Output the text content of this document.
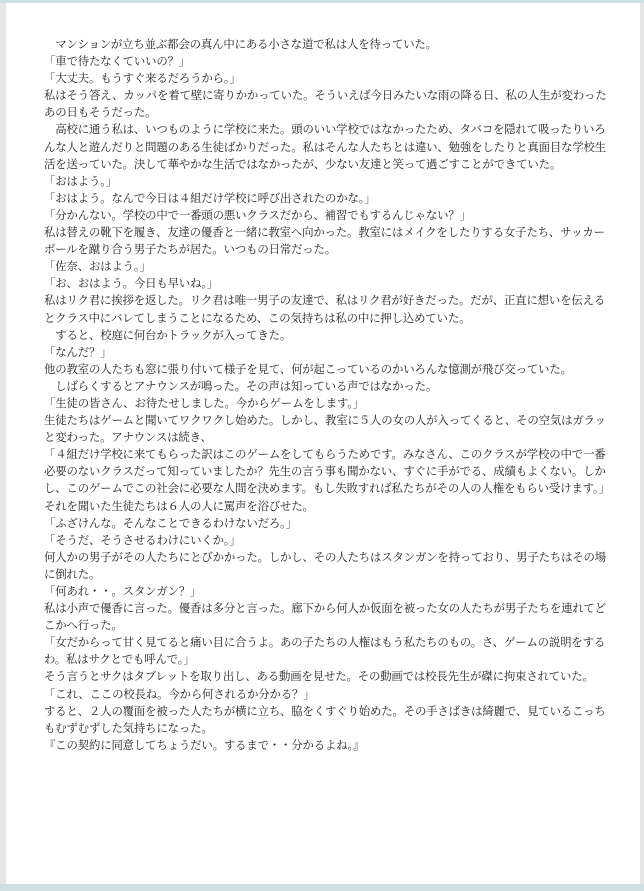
　マンションが立ち並ぶ都会の真ん中にある小さな道で私は人を待っていた。
「車で待たなくていいの？」
「大丈夫。もうすぐ来るだろうから。」
私はそう答え、カッパを着て壁に寄りかかっていた。そういえば今日みたいな雨の降る日、私の人生が変わった
あの日もそうだった。
　高校に通う私は、いつものように学校に来た。頭のいい学校ではなかったため、タバコを隠れて吸ったりいろ
んな人と遊んだりと問題のある生徒ばかりだった。私はそんな人たちとは違い、勉強をしたりと真面目な学校生
活を送っていた。決して華やかな生活ではなかったが、少ない友達と笑って過ごすことができていた。
「おはよう。」
「おはよう。なんで今日は４組だけ学校に呼び出されたのかな。」
「分かんない。学校の中で一番頭の悪いクラスだから、補習でもするんじゃない？」
私は替えの靴下を履き、友達の優香と一緒に教室へ向かった。教室にはメイクをしたりする女子たち、サッカー
ボールを蹴り合う男子たちが居た。いつもの日常だった。
「佐奈、おはよう。」
「お、おはよう。今日も早いね。」
私はリク君に挨拶を返した。リク君は唯一男子の友達で、私はリク君が好きだった。だが、正直に想いを伝える
とクラス中にバレてしまうことになるため、この気持ちは私の中に押し込めていた。
　すると、校庭に何台かトラックが入ってきた。
「なんだ？」
他の教室の人たちも窓に張り付いて様子を見て、何が起こっているのかいろんな憶測が飛び交っていた。
　しばらくするとアナウンスが鳴った。その声は知っている声ではなかった。
「生徒の皆さん、お待たせしました。今からゲームをします。」
生徒たちはゲームと聞いてワクワクし始めた。しかし、教室に５人の女の人が入ってくると、その空気はガラッ
と変わった。アナウンスは続き、
「４組だけ学校に来てもらった訳はこのゲームをしてもらうためです。みなさん、このクラスが学校の中で一番
必要のないクラスだって知っていましたか？先生の言う事も聞かない、すぐに手がでる、成績もよくない。しか
し、このゲームでこの社会に必要な人間を決めます。もし失敗すれば私たちがその人の人権をもらい受けます。」
それを聞いた生徒たちは６人の人に罵声を浴びせた。
「ふざけんな。そんなことできるわけないだろ。」
「そうだ、そうさせるわけにいくか。」
何人かの男子がその人たちにとびかかった。しかし、その人たちはスタンガンを持っており、男子たちはその場
に倒れた。
「何あれ・・。スタンガン？」
私は小声で優香に言った。優香は多分と言った。廊下から何人か仮面を被った女の人たちが男子たちを連れてど
こかへ行った。
「女だからって甘く見てると痛い目に合うよ。あの子たちの人権はもう私たちのもの。さ、ゲームの説明をする
わ。私はサクとでも呼んで。」
そう言うとサクはタブレットを取り出し、ある動画を見せた。その動画では校長先生が磔に拘束されていた。
「これ、ここの校長ね。今から何されるか分かる？」
すると、２人の覆面を被った人たちが横に立ち、脇をくすぐり始めた。その手さばきは綺麗で、見ているこっち
もむずむずした気持ちになった。
『この契約に同意してちょうだい。するまで・・分かるよね。』
